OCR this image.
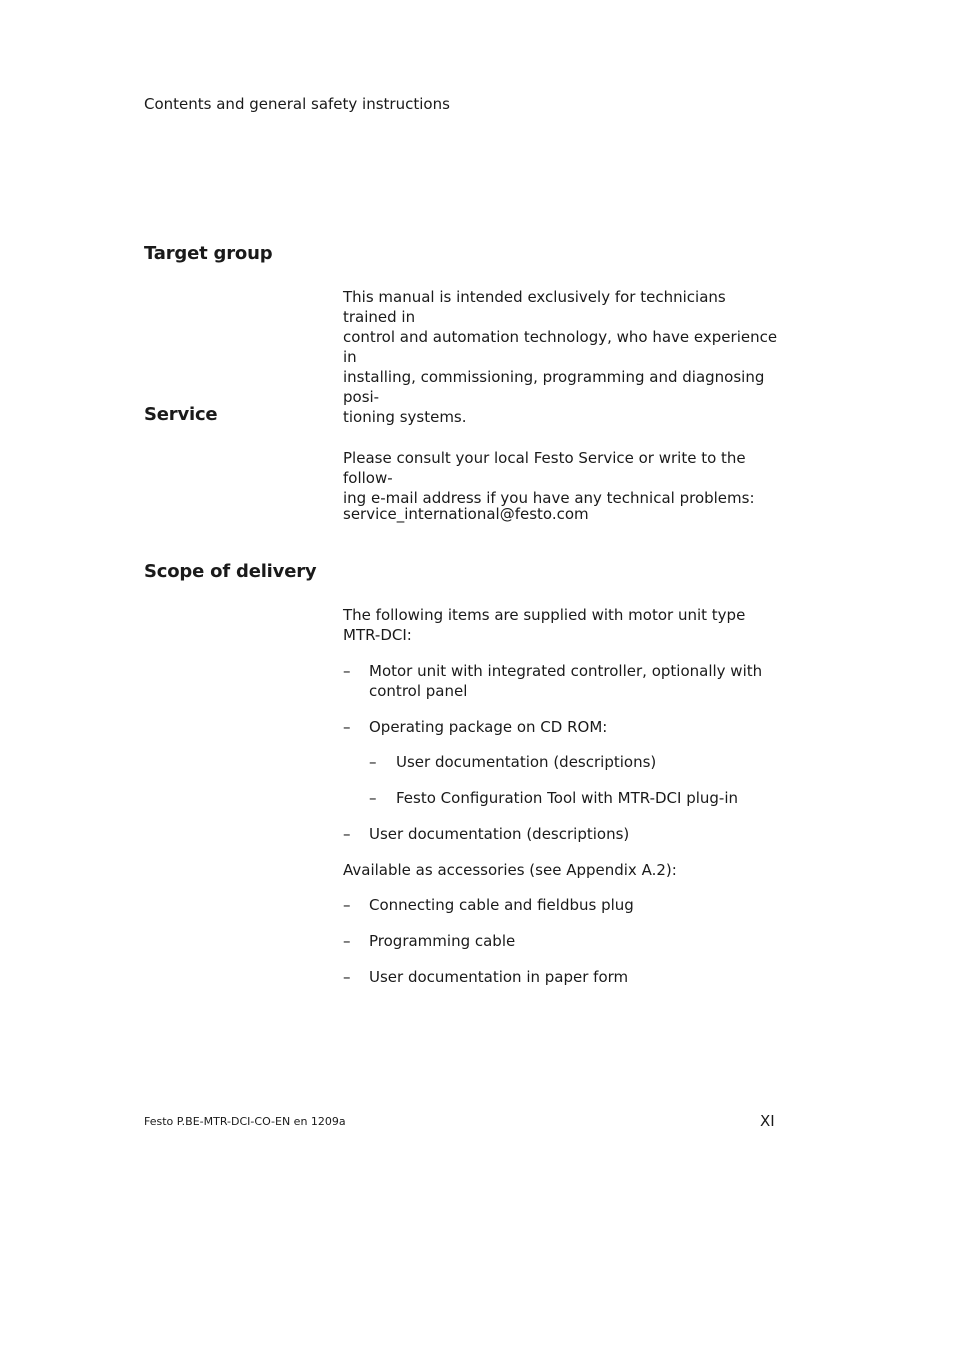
Contents and general safety instructions
Target group

This manual is intended exclusively for technicians trained in

control and automation technology, who have experience in

installing, commissioning, programming and diagnosing posi-

tioning systems.

Service

Please consult your local Festo Service or write to the follow-

ing e-mail address if you have any technical problems:

service_international@festo.com
Scope of delivery

The following items are supplied with motor unit type

MTR-DCI:

– Motor unit with integrated controller, optionally with
control panel
– Operating package on CD ROM:
– User documentation (descriptions)
– Festo Configuration Tool with MTR-DCI plug-in
– User documentation (descriptions)
Available as accessories (see Appendix A.2):
– Connecting cable and fieldbus plug
– Programming cable
– User documentation in paper form
Festo P.BE-MTR-DCI-CO-EN en 1209a	XI
